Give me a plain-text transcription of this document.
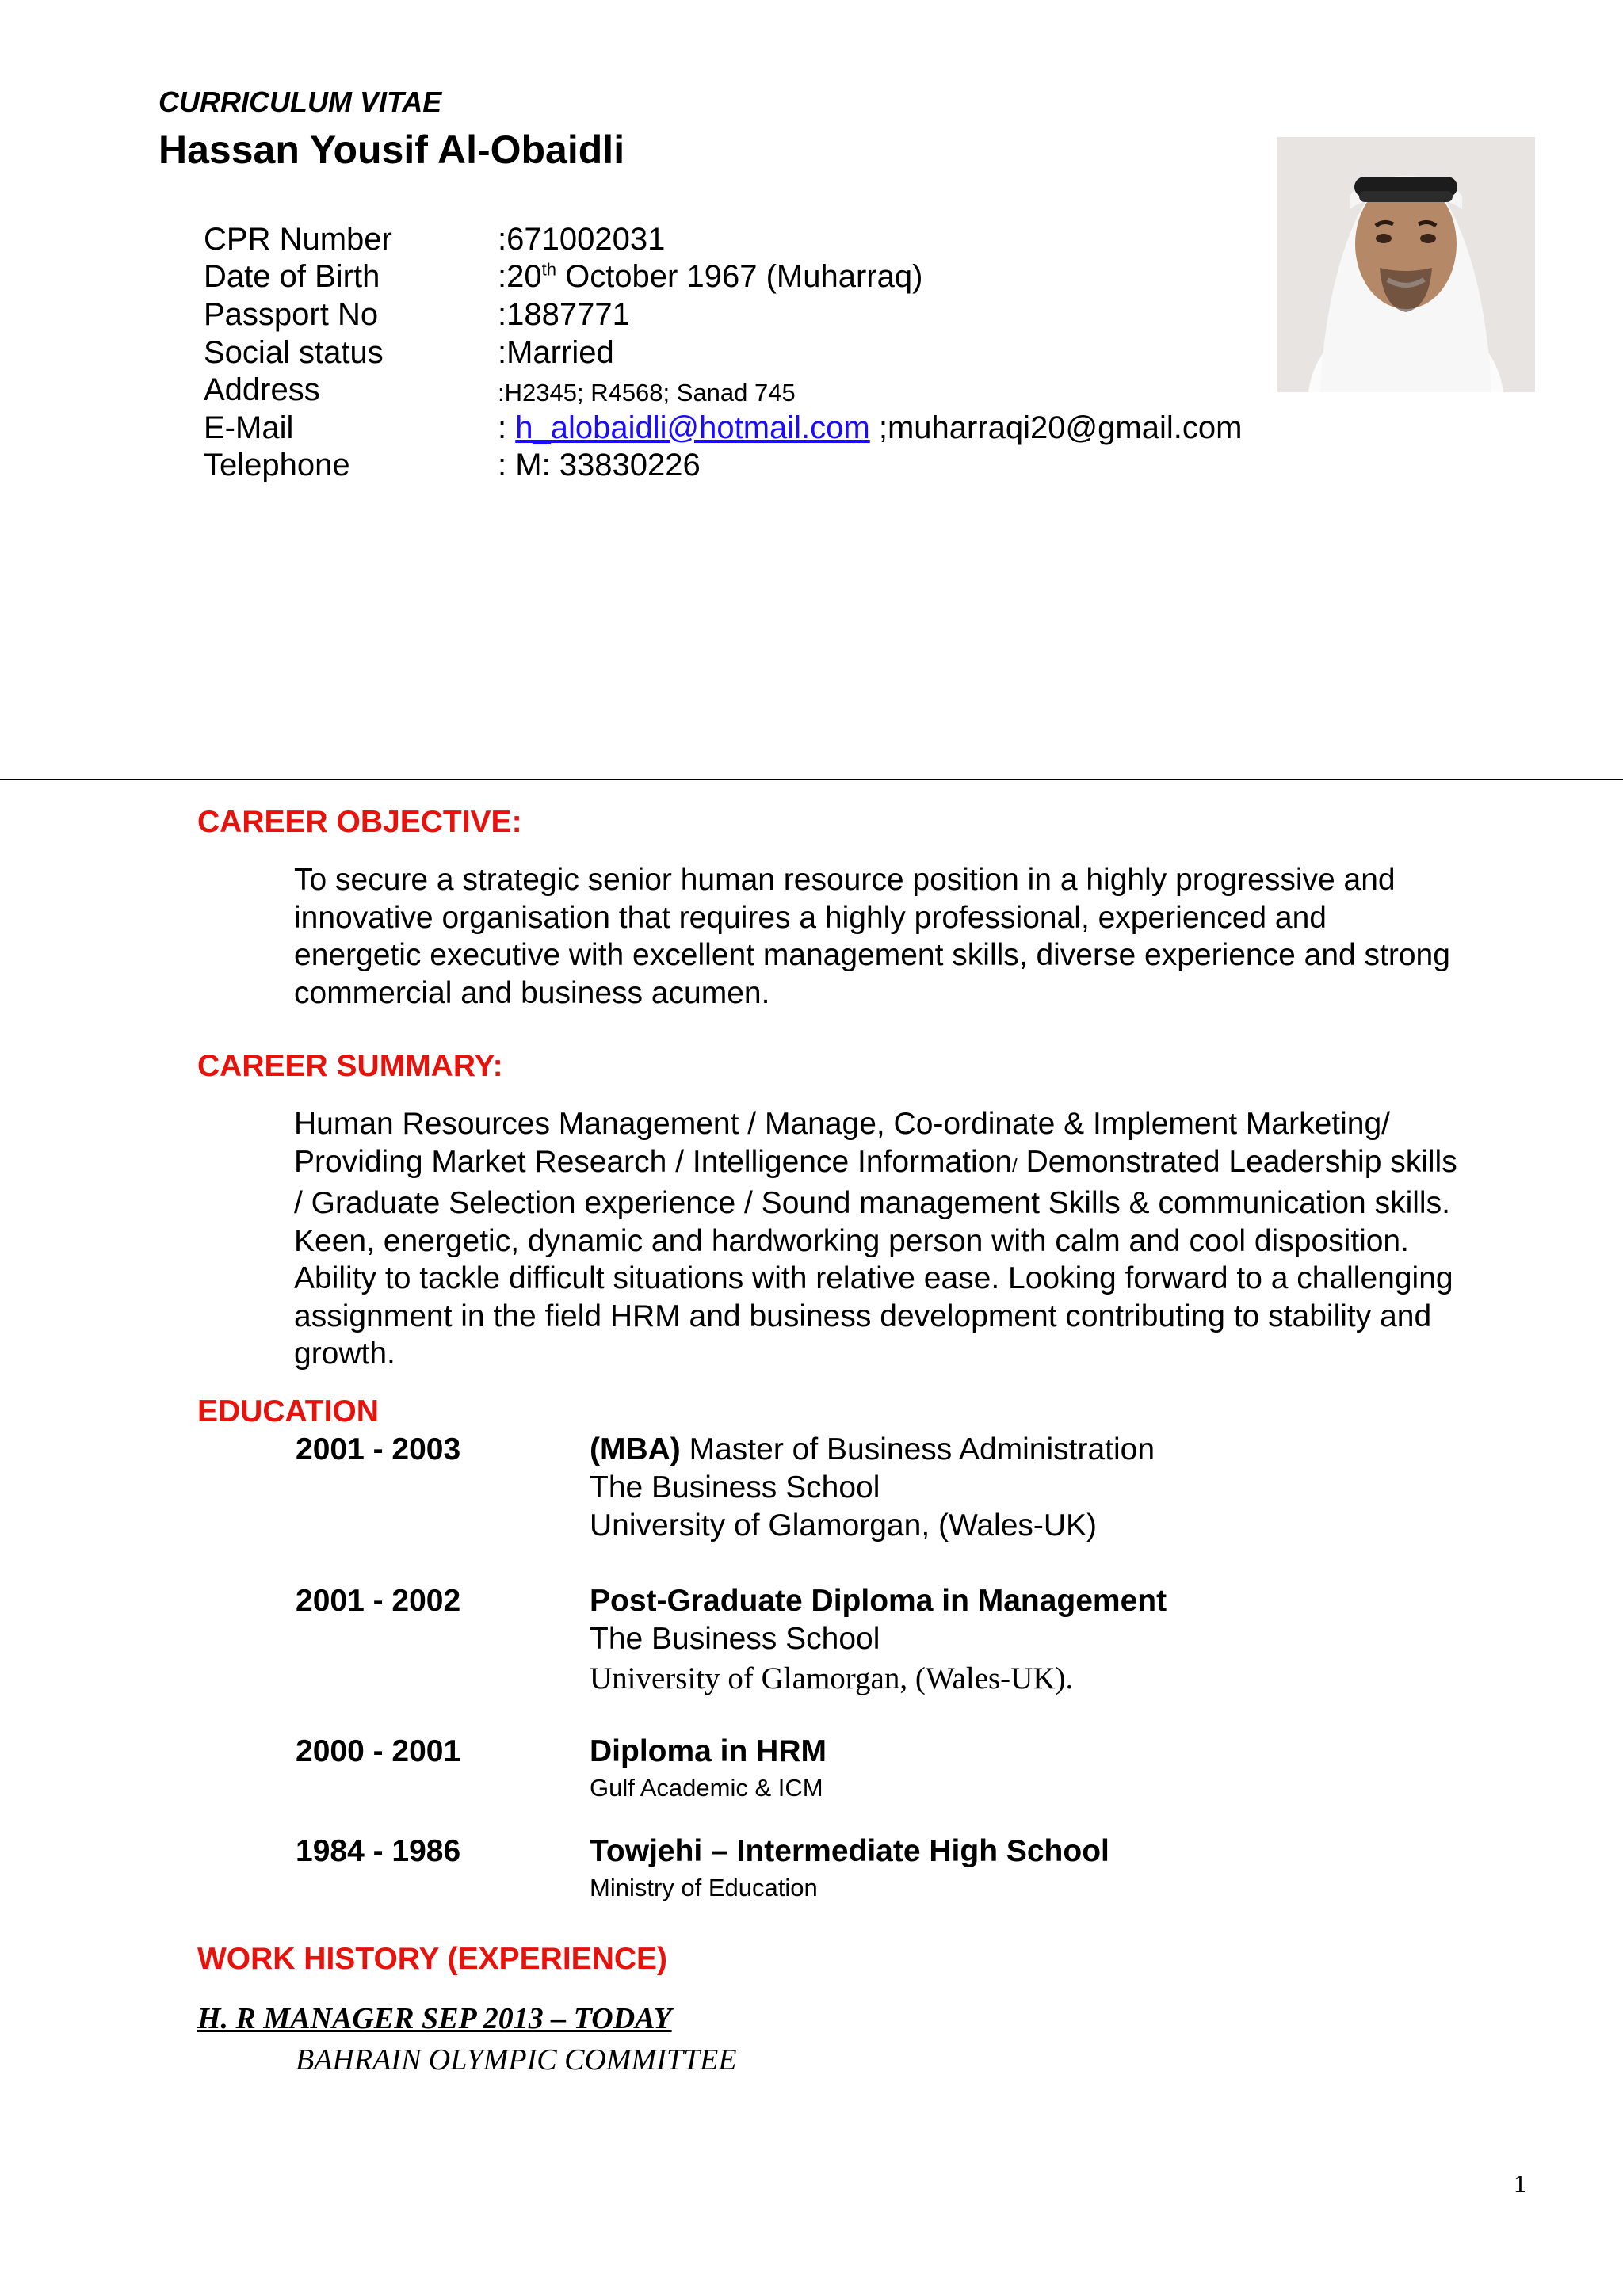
CURRICULUM VITAE
Hassan Yousif Al-Obaidli
CPR Number	:671002031
Date of Birth	:20th October 1967 (Muharraq)
Passport No	:1887771
Social status	:Married
Address	:H2345; R4568; Sanad 745
E-Mail	: h_alobaidli@hotmail.com ;muharraqi20@gmail.com
Telephone	: M: 33830226
CAREER OBJECTIVE:
To secure a strategic senior human resource position in a highly progressive and
innovative organisation that requires a highly professional, experienced and
energetic executive with excellent management skills, diverse experience and strong
commercial and business acumen.
CAREER SUMMARY:
Human Resources Management / Manage, Co-ordinate & Implement Marketing/
Providing Market Research / Intelligence Information/ Demonstrated Leadership skills
/ Graduate Selection experience / Sound management Skills & communication skills.
Keen, energetic, dynamic and hardworking person with calm and cool disposition.
Ability to tackle difficult situations with relative ease. Looking forward to a challenging
assignment in the field HRM and business development contributing to stability and
growth.
EDUCATION
2001 - 2003	(MBA) Master of Business Administration
The Business School
University of Glamorgan, (Wales-UK)
2001 - 2002	Post-Graduate Diploma in Management
The Business School
University of Glamorgan, (Wales-UK).
2000 - 2001	Diploma in HRM
Gulf Academic & ICM
1984 - 1986	Towjehi – Intermediate High School
Ministry of Education
WORK HISTORY (EXPERIENCE)
H. R MANAGER SEP 2013 – TODAY
BAHRAIN OLYMPIC COMMITTEE
1
